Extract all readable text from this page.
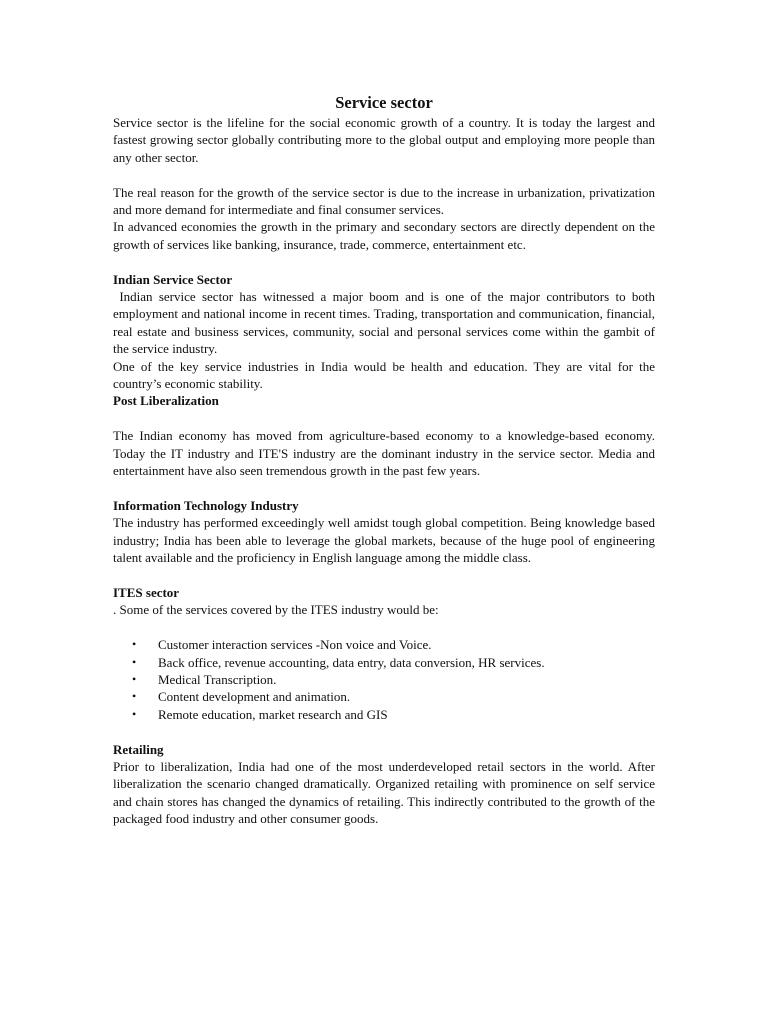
Service sector

Service sector is the lifeline for the social economic growth of a country. It is today the largest and fastest growing sector globally contributing more to the global output and employing more people than any other sector.

The real reason for the growth of the service sector is due to the increase in urbanization, privatization and more demand for intermediate and final consumer services.

In advanced economies the growth in the primary and secondary sectors are directly dependent on the growth of services like banking, insurance, trade, commerce, entertainment etc.

Indian Service Sector

Indian service sector has witnessed a major boom and is one of the major contributors to both employment and national income in recent times. Trading, transportation and communication, financial, real estate and business services, community, social and personal services come within the gambit of the service industry.

One of the key service industries in India would be health and education. They are vital for the country’s economic stability.

Post Liberalization

The Indian economy has moved from agriculture-based economy to a knowledge-based economy. Today the IT industry and ITE'S industry are the dominant industry in the service sector. Media and entertainment have also seen tremendous growth in the past few years.

Information Technology Industry

The industry has performed exceedingly well amidst tough global competition. Being knowledge based industry; India has been able to leverage the global markets, because of the huge pool of engineering talent available and the proficiency in English language among the middle class.

ITES sector

. Some of the services covered by the ITES industry would be:

• Customer interaction services -Non voice and Voice.
• Back office, revenue accounting, data entry, data conversion, HR services.
• Medical Transcription.
• Content development and animation.
• Remote education, market research and GIS
Retailing

Prior to liberalization, India had one of the most underdeveloped retail sectors in the world. After liberalization the scenario changed dramatically. Organized retailing with prominence on self service and chain stores has changed the dynamics of retailing. This indirectly contributed to the growth of the packaged food industry and other consumer goods.
